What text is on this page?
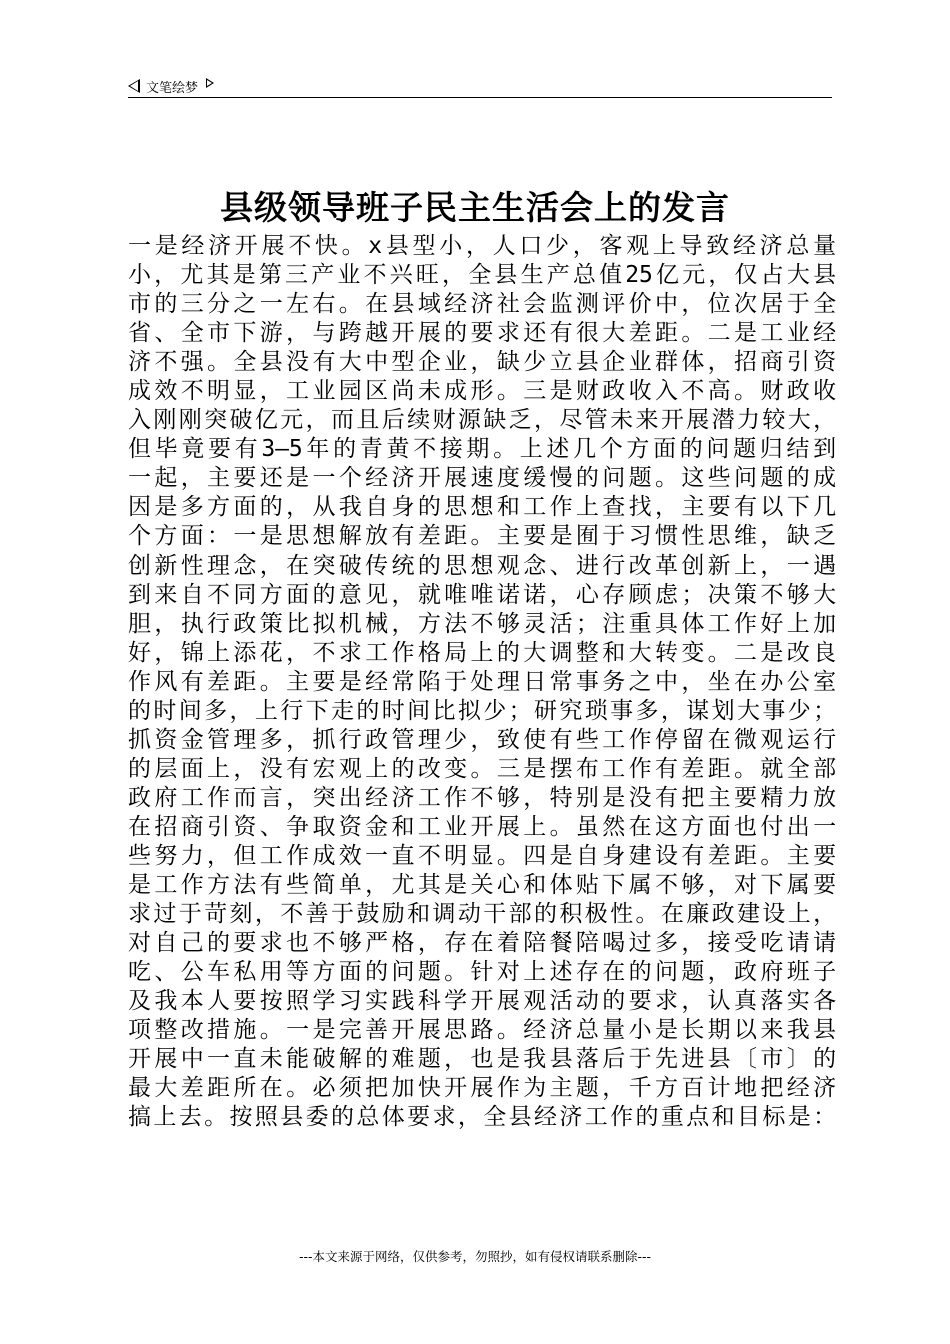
文笔绘梦
县级领导班子民主生活会上的发言
一是经济开展不快。x县型小，人口少，客观上导致经济总量
小，尤其是第三产业不兴旺，全县生产总值25亿元，仅占大县
市的三分之一左右。在县域经济社会监测评价中，位次居于全
省、全市下游，与跨越开展的要求还有很大差距。二是工业经
济不强。全县没有大中型企业，缺少立县企业群体，招商引资
成效不明显，工业园区尚未成形。三是财政收入不高。财政收
入刚刚突破亿元，而且后续财源缺乏，尽管未来开展潜力较大，
但毕竟要有3—5年的青黄不接期。上述几个方面的问题归结到
一起，主要还是一个经济开展速度缓慢的问题。这些问题的成
因是多方面的，从我自身的思想和工作上查找，主要有以下几
个方面：一是思想解放有差距。主要是囿于习惯性思维，缺乏
创新性理念，在突破传统的思想观念、进行改革创新上，一遇
到来自不同方面的意见，就唯唯诺诺，心存顾虑；决策不够大
胆，执行政策比拟机械，方法不够灵活；注重具体工作好上加
好，锦上添花，不求工作格局上的大调整和大转变。二是改良
作风有差距。主要是经常陷于处理日常事务之中，坐在办公室
的时间多，上行下走的时间比拟少；研究琐事多，谋划大事少；
抓资金管理多，抓行政管理少，致使有些工作停留在微观运行
的层面上，没有宏观上的改变。三是摆布工作有差距。就全部
政府工作而言，突出经济工作不够，特别是没有把主要精力放
在招商引资、争取资金和工业开展上。虽然在这方面也付出一
些努力，但工作成效一直不明显。四是自身建设有差距。主要
是工作方法有些简单，尤其是关心和体贴下属不够，对下属要
求过于苛刻，不善于鼓励和调动干部的积极性。在廉政建设上，
对自己的要求也不够严格，存在着陪餐陪喝过多，接受吃请请
吃、公车私用等方面的问题。针对上述存在的问题，政府班子
及我本人要按照学习实践科学开展观活动的要求，认真落实各
项整改措施。一是完善开展思路。经济总量小是长期以来我县
开展中一直未能破解的难题，也是我县落后于先进县〔市〕的
最大差距所在。必须把加快开展作为主题，千方百计地把经济
搞上去。按照县委的总体要求，全县经济工作的重点和目标是：
---本文来源于网络，仅供参考，勿照抄，如有侵权请联系删除---
